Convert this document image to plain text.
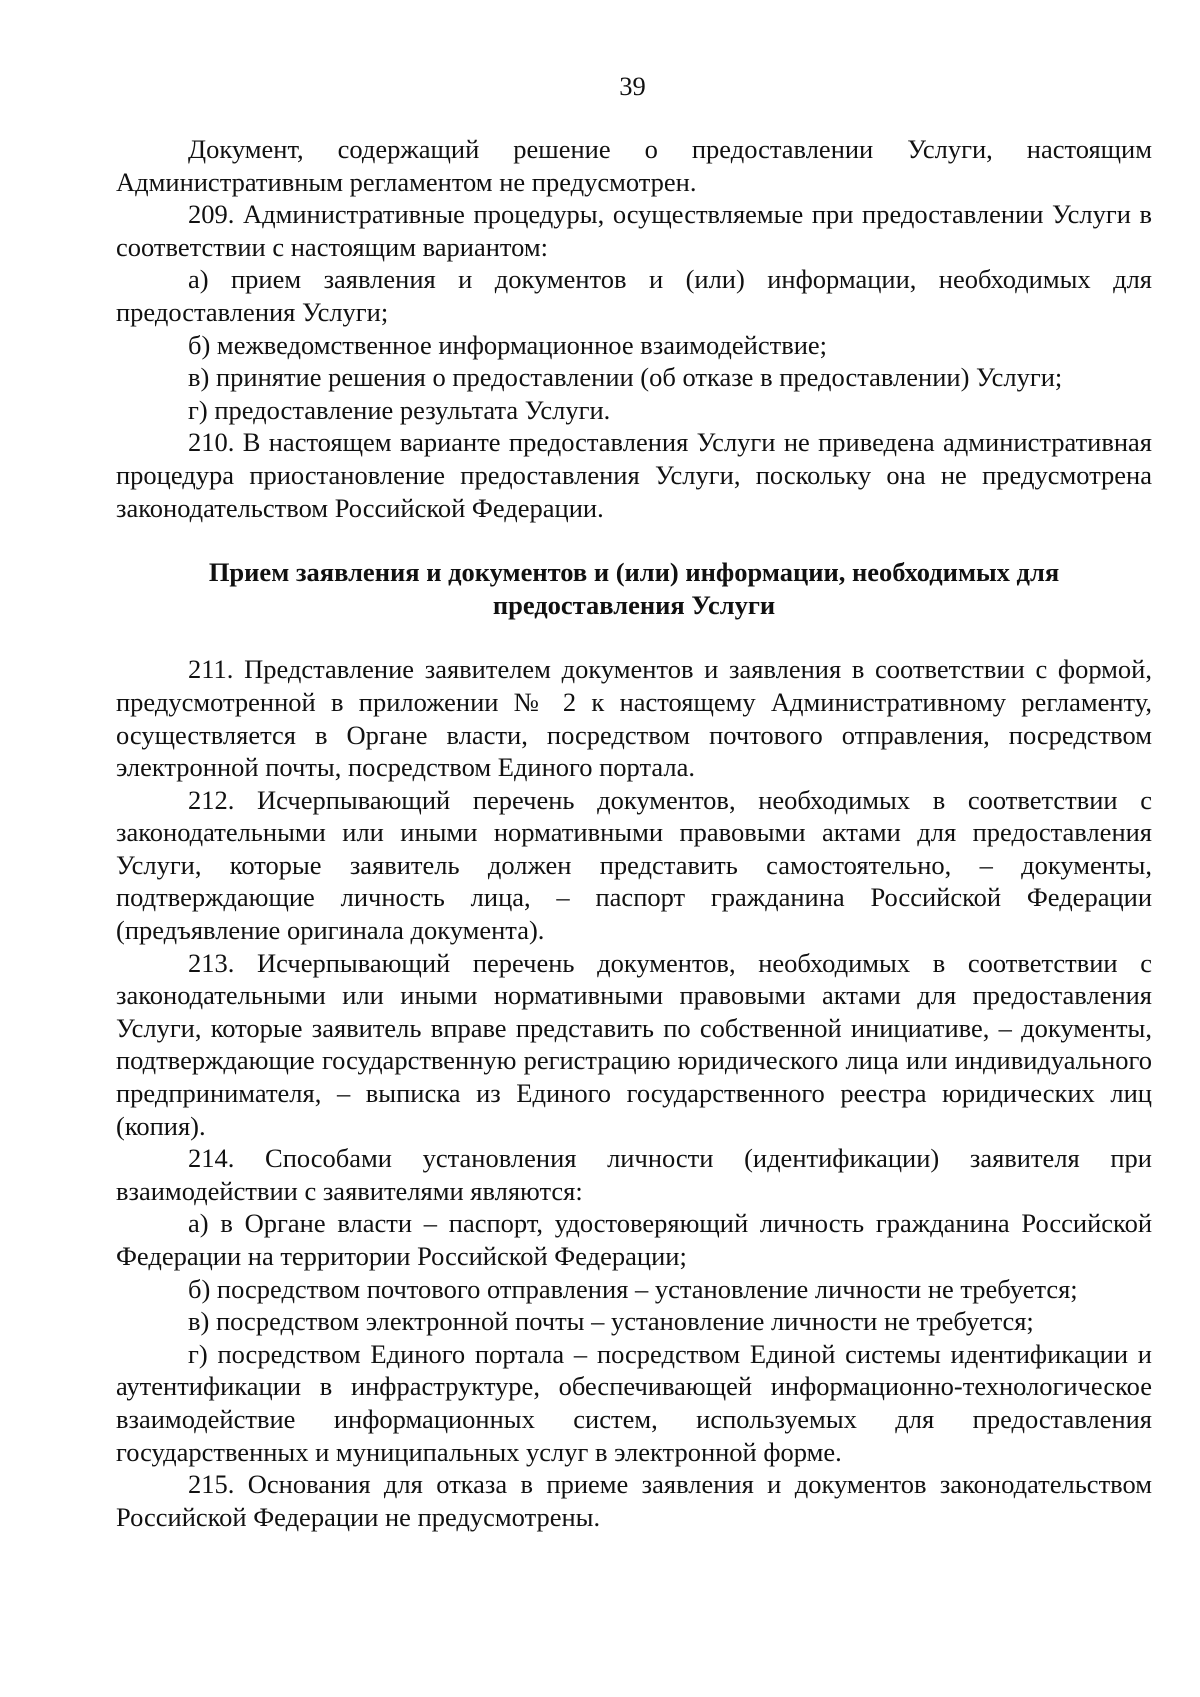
39

Документ, содержащий решение о предоставлении Услуги, настоящим Административным регламентом не предусмотрен.

209. Административные процедуры, осуществляемые при предоставлении Услуги в соответствии с настоящим вариантом:

а) прием заявления и документов и (или) информации, необходимых для предоставления Услуги;

б) межведомственное информационное взаимодействие;

в) принятие решения о предоставлении (об отказе в предоставлении) Услуги;

г) предоставление результата Услуги.

210. В настоящем варианте предоставления Услуги не приведена административная процедура приостановление предоставления Услуги, поскольку она не предусмотрена законодательством Российской Федерации.

Прием заявления и документов и (или) информации, необходимых для
предоставления Услуги

211. Представление заявителем документов и заявления в соответствии с формой, предусмотренной в приложении № 2 к настоящему Административному регламенту, осуществляется в Органе власти, посредством почтового отправления, посредством электронной почты, посредством Единого портала.

212. Исчерпывающий перечень документов, необходимых в соответствии с законодательными или иными нормативными правовыми актами для предоставления Услуги, которые заявитель должен представить самостоятельно, – документы, подтверждающие личность лица, – паспорт гражданина Российской Федерации (предъявление оригинала документа).

213. Исчерпывающий перечень документов, необходимых в соответствии с законодательными или иными нормативными правовыми актами для предоставления Услуги, которые заявитель вправе представить по собственной инициативе, – документы, подтверждающие государственную регистрацию юридического лица или индивидуального предпринимателя, – выписка из Единого государственного реестра юридических лиц (копия).

214. Способами установления личности (идентификации) заявителя при взаимодействии с заявителями являются:

а) в Органе власти – паспорт, удостоверяющий личность гражданина Российской Федерации на территории Российской Федерации;

б) посредством почтового отправления – установление личности не требуется;

в) посредством электронной почты – установление личности не требуется;

г) посредством Единого портала – посредством Единой системы идентификации и аутентификации в инфраструктуре, обеспечивающей информационно-технологическое взаимодействие информационных систем, используемых для предоставления государственных и муниципальных услуг в электронной форме.

215. Основания для отказа в приеме заявления и документов законодательством Российской Федерации не предусмотрены.
